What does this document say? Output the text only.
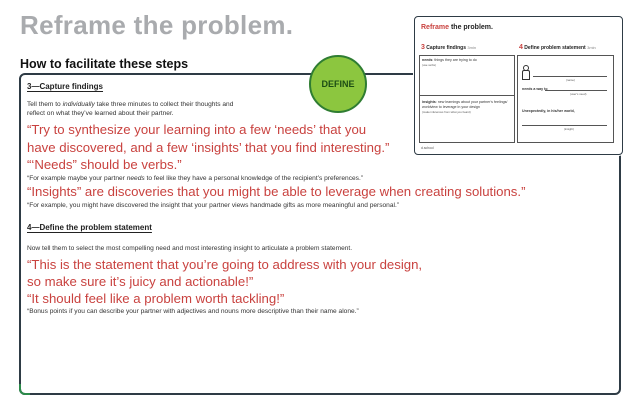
Reframe the problem.
How to facilitate these steps
DEFINE
3—Capture findings
Tell them to individually take three minutes to collect their thoughts and
reflect on what they’ve learned about their partner.
“Try to synthesize your learning into a few ‘needs’ that you
have discovered, and a few ‘insights’ that you find interesting.”
“‘Needs” should be verbs.”
“For example maybe your partner needs to feel like they have a personal knowledge of the recipient’s preferences.”
“Insights” are discoveries that you might be able to leverage when creating solutions.”
“For example, you might have discovered the insight that your partner views handmade gifts as more meaningful and personal.”
4—Define the problem statement
Now tell them to select the most compelling need and most interesting insight to articulate a problem statement.
“This is the statement that you’re going to address with your design,
so make sure it’s juicy and actionable!”
“It should feel like a problem worth tackling!”
“Bonus points if you can describe your partner with adjectives and nouns more descriptive than their name alone.”
Reframe the problem.
3 Capture findings 3min	4 Define problem statement 3min
needs: things they are trying to do
(use verbs)
insights: new learnings about your partner’s feelings/
worldview to leverage in your design
(make inferences from what you heard)
(name)
needs a way to
(user’s need)
Unexpectedly, in his/her world,
(insight)
d.school
